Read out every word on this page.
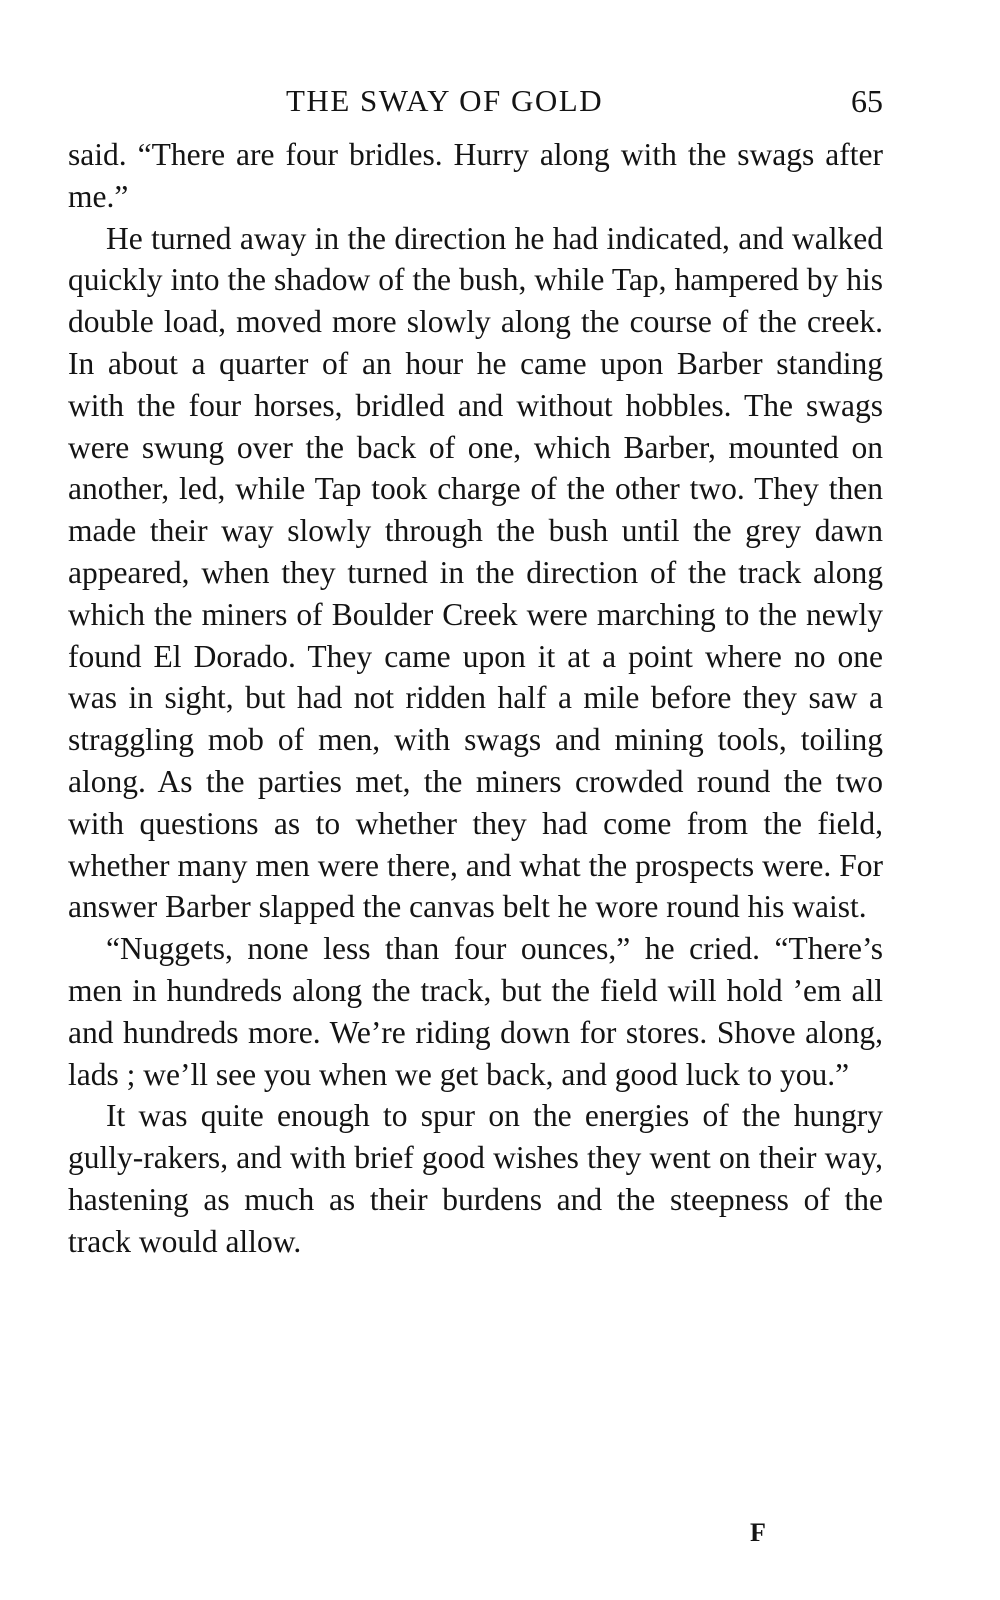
THE SWAY OF GOLD	65

said. “There are four bridles. Hurry along with the swags after me.”

He turned away in the direction he had indicated, and walked quickly into the shadow of the bush, while Tap, hampered by his double load, moved more slowly along the course of the creek. In about a quarter of an hour he came upon Barber standing with the four horses, bridled and without hobbles. The swags were swung over the back of one, which Barber, mounted on another, led, while Tap took charge of the other two. They then made their way slowly through the bush until the grey dawn appeared, when they turned in the direction of the track along which the miners of Boulder Creek were marching to the newly found El Dorado. They came upon it at a point where no one was in sight, but had not ridden half a mile before they saw a straggling mob of men, with swags and mining tools, toiling along. As the parties met, the miners crowded round the two with questions as to whether they had come from the field, whether many men were there, and what the prospects were. For answer Barber slapped the canvas belt he wore round his waist.

“Nuggets, none less than four ounces,” he cried. “There’s men in hundreds along the track, but the field will hold ’em all and hundreds more. We’re riding down for stores. Shove along, lads ; we’ll see you when we get back, and good luck to you.”

It was quite enough to spur on the energies of the hungry gully-rakers, and with brief good wishes they went on their way, hastening as much as their burdens and the steepness of the track would allow.

F
